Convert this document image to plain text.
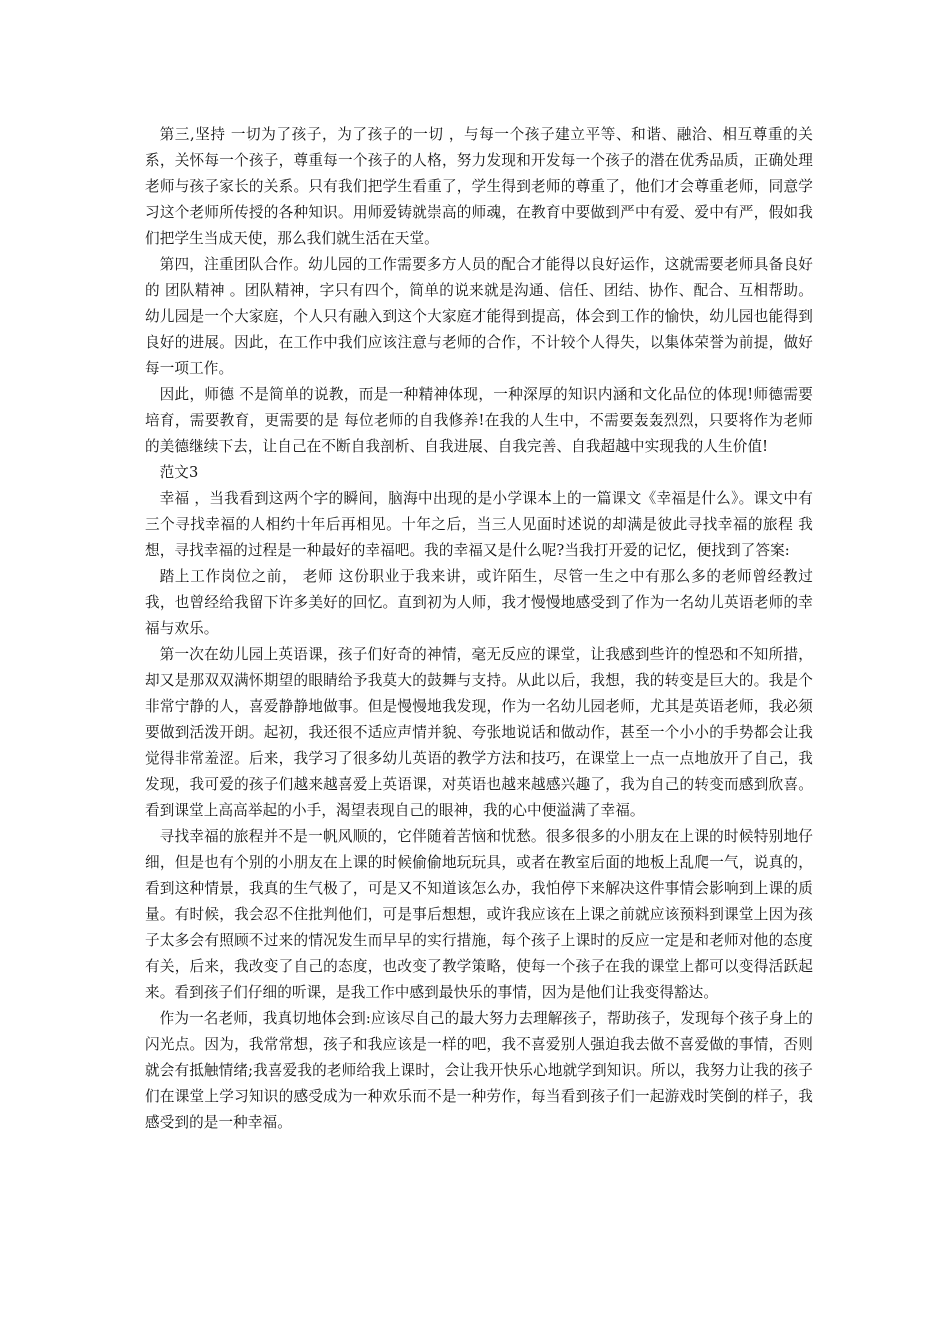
第三,坚持 一切为了孩子，为了孩子的一切 ，与每一个孩子建立平等、和谐、融洽、相互尊重的关系，关怀每一个孩子，尊重每一个孩子的人格，努力发现和开发每一个孩子的潜在优秀品质，正确处理老师与孩子家长的关系。只有我们把学生看重了，学生得到老师的尊重了，他们才会尊重老师，同意学习这个老师所传授的各种知识。用师爱铸就崇高的师魂，在教育中要做到严中有爱、爱中有严，假如我们把学生当成天使，那么我们就生活在天堂。

第四，注重团队合作。幼儿园的工作需要多方人员的配合才能得以良好运作，这就需要老师具备良好的 团队精神 。团队精神，字只有四个，简单的说来就是沟通、信任、团结、协作、配合、互相帮助。幼儿园是一个大家庭，个人只有融入到这个大家庭才能得到提高，体会到工作的愉快，幼儿园也能得到良好的进展。因此，在工作中我们应该注意与老师的合作，不计较个人得失，以集体荣誉为前提，做好每一项工作。

因此，师德 不是简单的说教，而是一种精神体现，一种深厚的知识内涵和文化品位的体现!师德需要培育，需要教育，更需要的是 每位老师的自我修养!在我的人生中，不需要轰轰烈烈，只要将作为老师的美德继续下去，让自己在不断自我剖析、自我进展、自我完善、自我超越中实现我的人生价值!

范文3

幸福 ，当我看到这两个字的瞬间，脑海中出现的是小学课本上的一篇课文《幸福是什么》。课文中有三个寻找幸福的人相约十年后再相见。十年之后，当三人见面时述说的却满是彼此寻找幸福的旅程 我想，寻找幸福的过程是一种最好的幸福吧。我的幸福又是什么呢?当我打开爱的记忆，便找到了答案:

踏上工作岗位之前， 老师 这份职业于我来讲，或许陌生，尽管一生之中有那么多的老师曾经教过我，也曾经给我留下许多美好的回忆。直到初为人师，我才慢慢地感受到了作为一名幼儿英语老师的幸福与欢乐。

第一次在幼儿园上英语课，孩子们好奇的神情，毫无反应的课堂，让我感到些许的惶恐和不知所措，却又是那双双满怀期望的眼睛给予我莫大的鼓舞与支持。从此以后，我想，我的转变是巨大的。我是个非常宁静的人，喜爱静静地做事。但是慢慢地我发现，作为一名幼儿园老师，尤其是英语老师，我必须要做到活泼开朗。起初，我还很不适应声情并貌、夸张地说话和做动作，甚至一个小小的手势都会让我觉得非常羞涩。后来，我学习了很多幼儿英语的教学方法和技巧，在课堂上一点一点地放开了自己，我发现，我可爱的孩子们越来越喜爱上英语课，对英语也越来越感兴趣了，我为自己的转变而感到欣喜。看到课堂上高高举起的小手，渴望表现自己的眼神，我的心中便溢满了幸福。

寻找幸福的旅程并不是一帆风顺的，它伴随着苦恼和忧愁。很多很多的小朋友在上课的时候特别地仔细，但是也有个别的小朋友在上课的时候偷偷地玩玩具，或者在教室后面的地板上乱爬一气，说真的，看到这种情景，我真的生气极了，可是又不知道该怎么办，我怕停下来解决这件事情会影响到上课的质量。有时候，我会忍不住批判他们，可是事后想想，或许我应该在上课之前就应该预料到课堂上因为孩子太多会有照顾不过来的情况发生而早早的实行措施，每个孩子上课时的反应一定是和老师对他的态度有关，后来，我改变了自己的态度，也改变了教学策略，使每一个孩子在我的课堂上都可以变得活跃起来。看到孩子们仔细的听课，是我工作中感到最快乐的事情，因为是他们让我变得豁达。

作为一名老师，我真切地体会到:应该尽自己的最大努力去理解孩子，帮助孩子，发现每个孩子身上的闪光点。因为，我常常想，孩子和我应该是一样的吧，我不喜爱别人强迫我去做不喜爱做的事情，否则就会有抵触情绪;我喜爱我的老师给我上课时，会让我开快乐心地就学到知识。所以，我努力让我的孩子们在课堂上学习知识的感受成为一种欢乐而不是一种劳作，每当看到孩子们一起游戏时笑倒的样子，我感受到的是一种幸福。
